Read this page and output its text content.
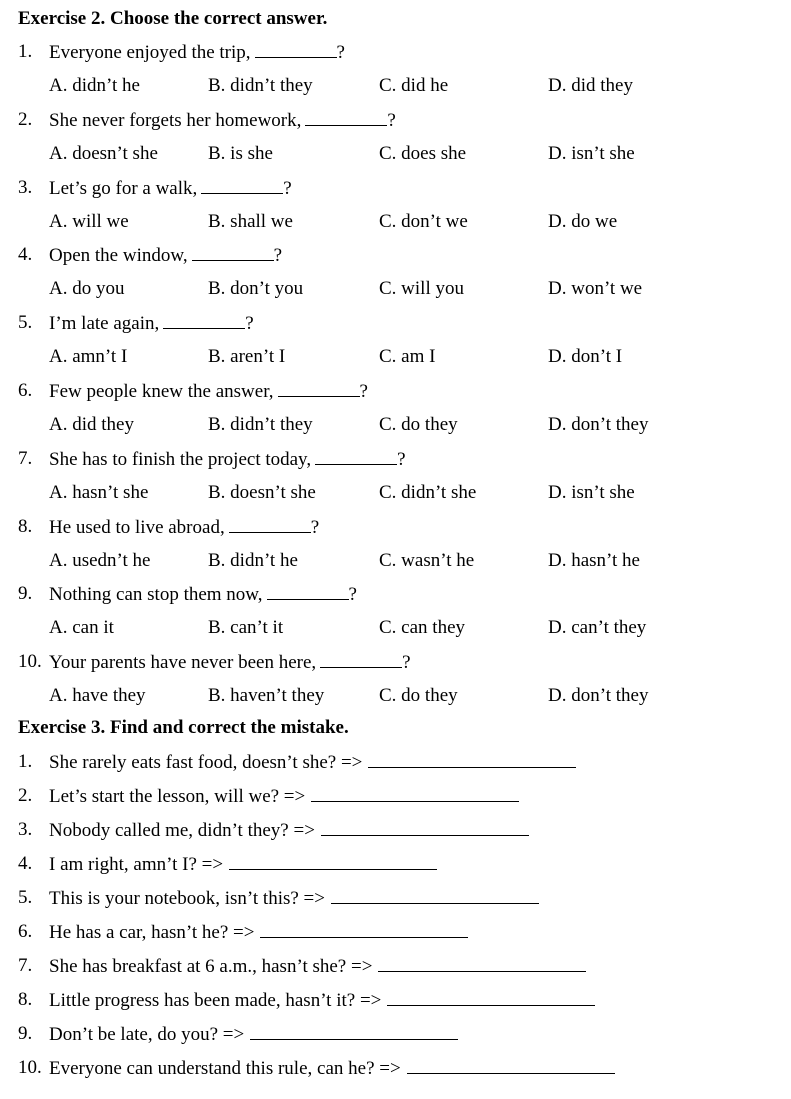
Exercise 2. Choose the correct answer.
1. Everyone enjoyed the trip,	?
A. didn’t he	B. didn’t they	C. did he	D. did they
2. She never forgets her homework,	?
A. doesn’t she	B. is she	C. does she	D. isn’t she
3. Let’s go for a walk,	?
A. will we	B. shall we	C. don’t we	D. do we
4. Open the window,	?
A. do you	B. don’t you	C. will you	D. won’t we
5. I’m late again,	?
A. amn’t I	B. aren’t I	C. am I	D. don’t I
6. Few people knew the answer,	?
A. did they	B. didn’t they	C. do they	D. don’t they
7. She has to finish the project today,	?
A. hasn’t she	B. doesn’t she	C. didn’t she	D. isn’t she
8. He used to live abroad,	?
A. usedn’t he	B. didn’t he	C. wasn’t he	D. hasn’t he
9. Nothing can stop them now,	?
A. can it	B. can’t it	C. can they	D. can’t they
10. Your parents have never been here,	?
A. have they	B. haven’t they	C. do they	D. don’t they
Exercise 3. Find and correct the mistake.
1. She rarely eats fast food, doesn’t she? =>
2. Let’s start the lesson, will we? =>
3. Nobody called me, didn’t they? =>
4. I am right, amn’t I? =>
5. This is your notebook, isn’t this? =>
6. He has a car, hasn’t he? =>
7. She has breakfast at 6 a.m., hasn’t she? =>
8. Little progress has been made, hasn’t it? =>
9. Don’t be late, do you? =>
10. Everyone can understand this rule, can he? =>
